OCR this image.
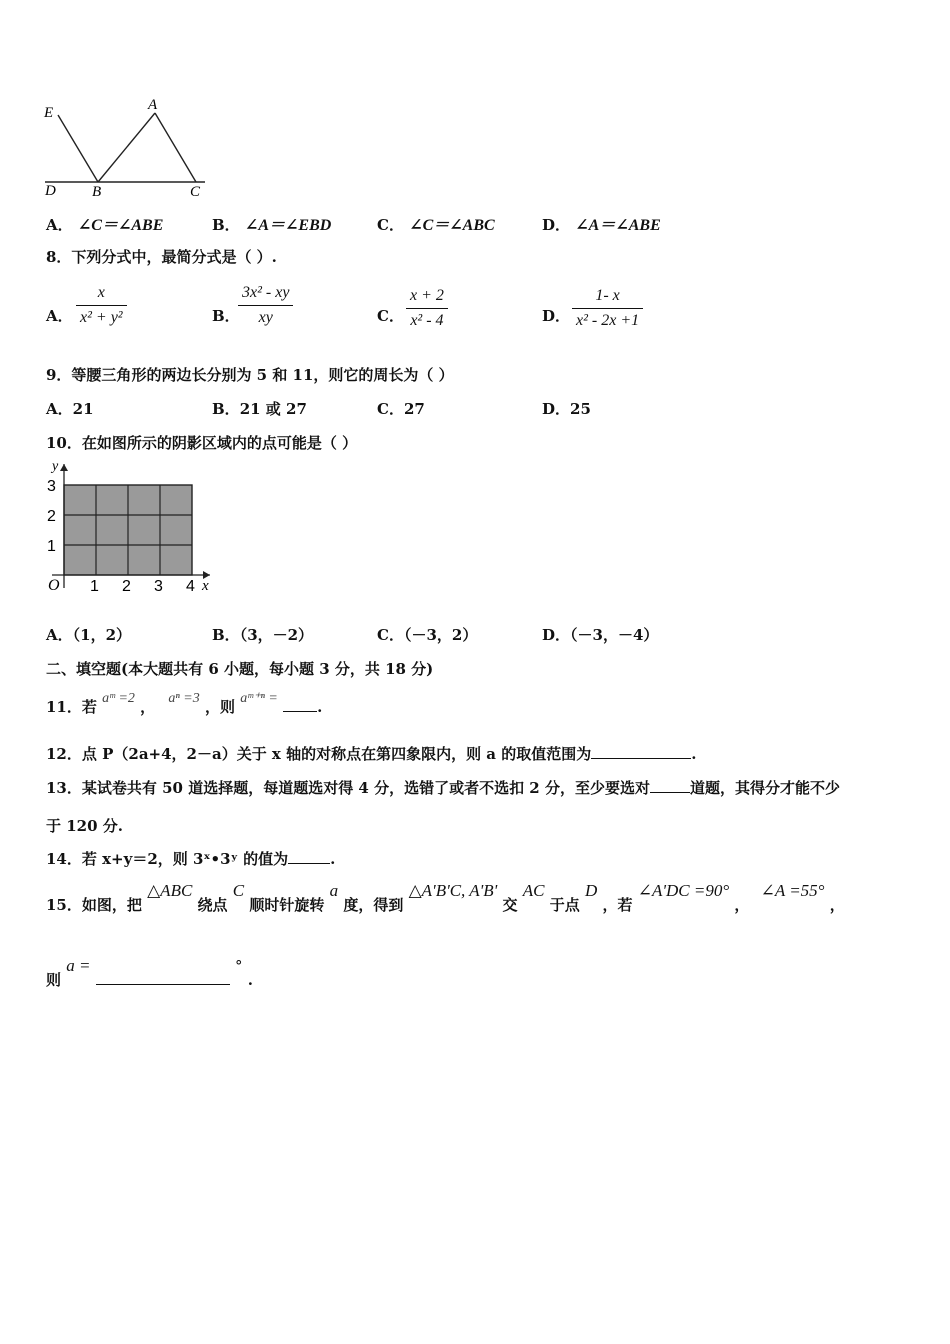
E	A
D B	C
A． ∠C＝∠ABE	B． ∠A＝∠EBD	C． ∠C＝∠ABC	D． ∠A＝∠ABE
8．下列分式中，最简分式是（ ）.
A． $\frac{x}{\text{x² + y²}}$	B．
$\frac{\text{3x² - xy}}{xy}$	C． $\frac{x + 2}{\text{x² - 4}}$	D． $\frac{1- x}{\text{x² - 2x +1}}$
9．等腰三角形的两边长分别为 5 和 11，则它的周长为（ ）
A．21	B．21 或 27	C．27	D．25
10．在如图所示的阴影区域内的点可能是（ ）
y
x
O
1
2
3
1 2 3 4
A．（1，2）	B．（3，－2）	C．（－3，2）	D．（－3，－4）
二、填空题(本大题共有 6 小题，每小题 3 分，共 18 分)
11．若 aᵐ =2 ， aⁿ =3 ，则 aᵐ⁺ⁿ =	.
12．点 P（2a+4，2－a）关于 x 轴的对称点在第四象限内，则 a 的取值范围为	.
13．某试卷共有 50 道选择题，每道题选对得 4 分，选错了或者不选扣 2 分，至少要选对	道题，其得分才能不少
于 120 分.
14．若 x+y＝2，则 3ˣ•3ʸ 的值为	.
15．如图，把 △ABC 绕点 C 顺时针旋转 a 度，得到 △A'B'C, A'B' 交 AC 于点 D ，若 ∠A'DC =90° ， ∠A =55° ，
则 a =	° .
